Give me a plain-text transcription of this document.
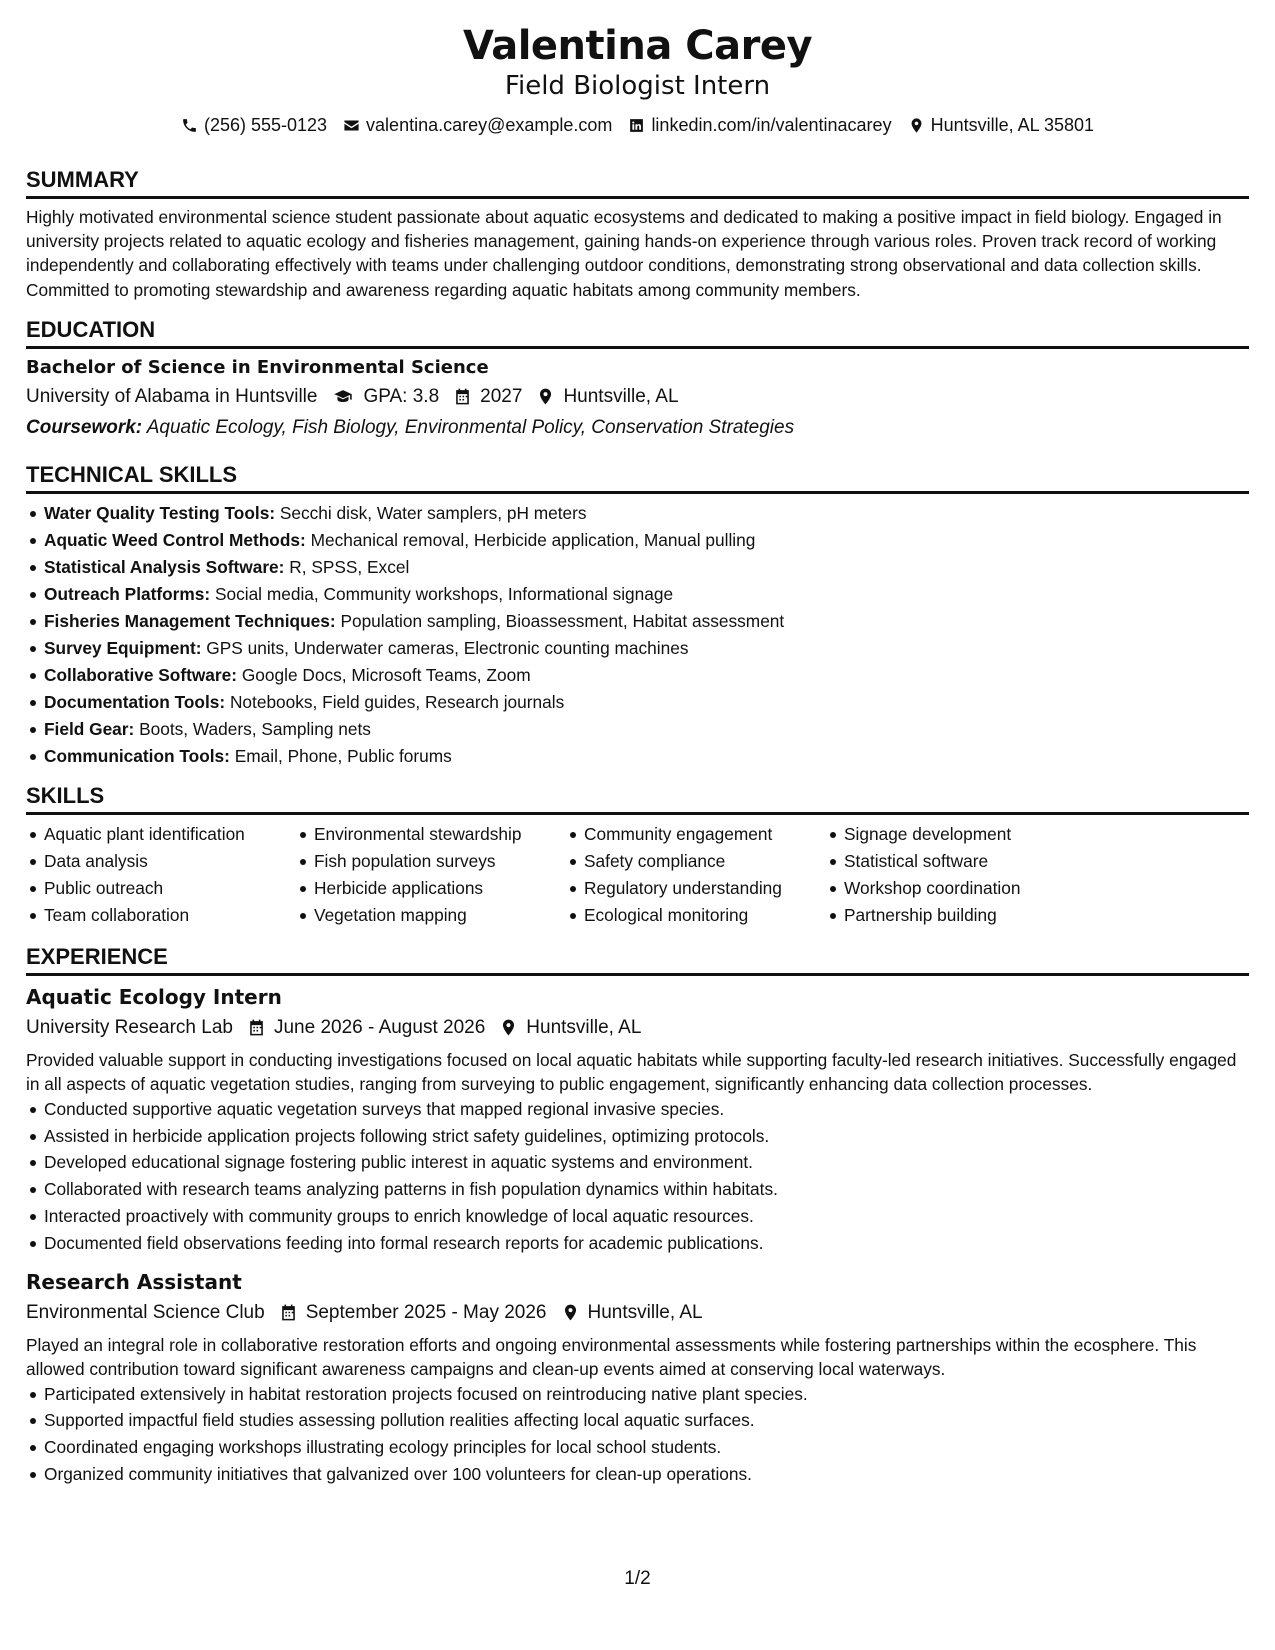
Valentina Carey
Field Biologist Intern
(256) 555-0123 valentina.carey@example.com linkedin.com/in/valentinacarey Huntsville, AL 35801
SUMMARY
Highly motivated environmental science student passionate about aquatic ecosystems and dedicated to making a positive impact in field biology. Engaged in university projects related to aquatic ecology and fisheries management, gaining hands-on experience through various roles. Proven track record of working independently and collaborating effectively with teams under challenging outdoor conditions, demonstrating strong observational and data collection skills. Committed to promoting stewardship and awareness regarding aquatic habitats among community members.
EDUCATION
Bachelor of Science in Environmental Science
University of Alabama in Huntsville GPA: 3.8 2027 Huntsville, AL
Coursework: Aquatic Ecology, Fish Biology, Environmental Policy, Conservation Strategies
TECHNICAL SKILLS
Water Quality Testing Tools: Secchi disk, Water samplers, pH meters
Aquatic Weed Control Methods: Mechanical removal, Herbicide application, Manual pulling
Statistical Analysis Software: R, SPSS, Excel
Outreach Platforms: Social media, Community workshops, Informational signage
Fisheries Management Techniques: Population sampling, Bioassessment, Habitat assessment
Survey Equipment: GPS units, Underwater cameras, Electronic counting machines
Collaborative Software: Google Docs, Microsoft Teams, Zoom
Documentation Tools: Notebooks, Field guides, Research journals
Field Gear: Boots, Waders, Sampling nets
Communication Tools: Email, Phone, Public forums
SKILLS
Aquatic plant identification
Data analysis
Public outreach
Team collaboration
Environmental stewardship
Fish population surveys
Herbicide applications
Vegetation mapping
Community engagement
Safety compliance
Regulatory understanding
Ecological monitoring
Signage development
Statistical software
Workshop coordination
Partnership building
EXPERIENCE
Aquatic Ecology Intern
University Research Lab June 2026 - August 2026 Huntsville, AL
Provided valuable support in conducting investigations focused on local aquatic habitats while supporting faculty-led research initiatives. Successfully engaged in all aspects of aquatic vegetation studies, ranging from surveying to public engagement, significantly enhancing data collection processes.
Conducted supportive aquatic vegetation surveys that mapped regional invasive species.
Assisted in herbicide application projects following strict safety guidelines, optimizing protocols.
Developed educational signage fostering public interest in aquatic systems and environment.
Collaborated with research teams analyzing patterns in fish population dynamics within habitats.
Interacted proactively with community groups to enrich knowledge of local aquatic resources.
Documented field observations feeding into formal research reports for academic publications.
Research Assistant
Environmental Science Club September 2025 - May 2026 Huntsville, AL
Played an integral role in collaborative restoration efforts and ongoing environmental assessments while fostering partnerships within the ecosphere. This allowed contribution toward significant awareness campaigns and clean-up events aimed at conserving local waterways.
Participated extensively in habitat restoration projects focused on reintroducing native plant species.
Supported impactful field studies assessing pollution realities affecting local aquatic surfaces.
Coordinated engaging workshops illustrating ecology principles for local school students.
Organized community initiatives that galvanized over 100 volunteers for clean-up operations.
1/2
